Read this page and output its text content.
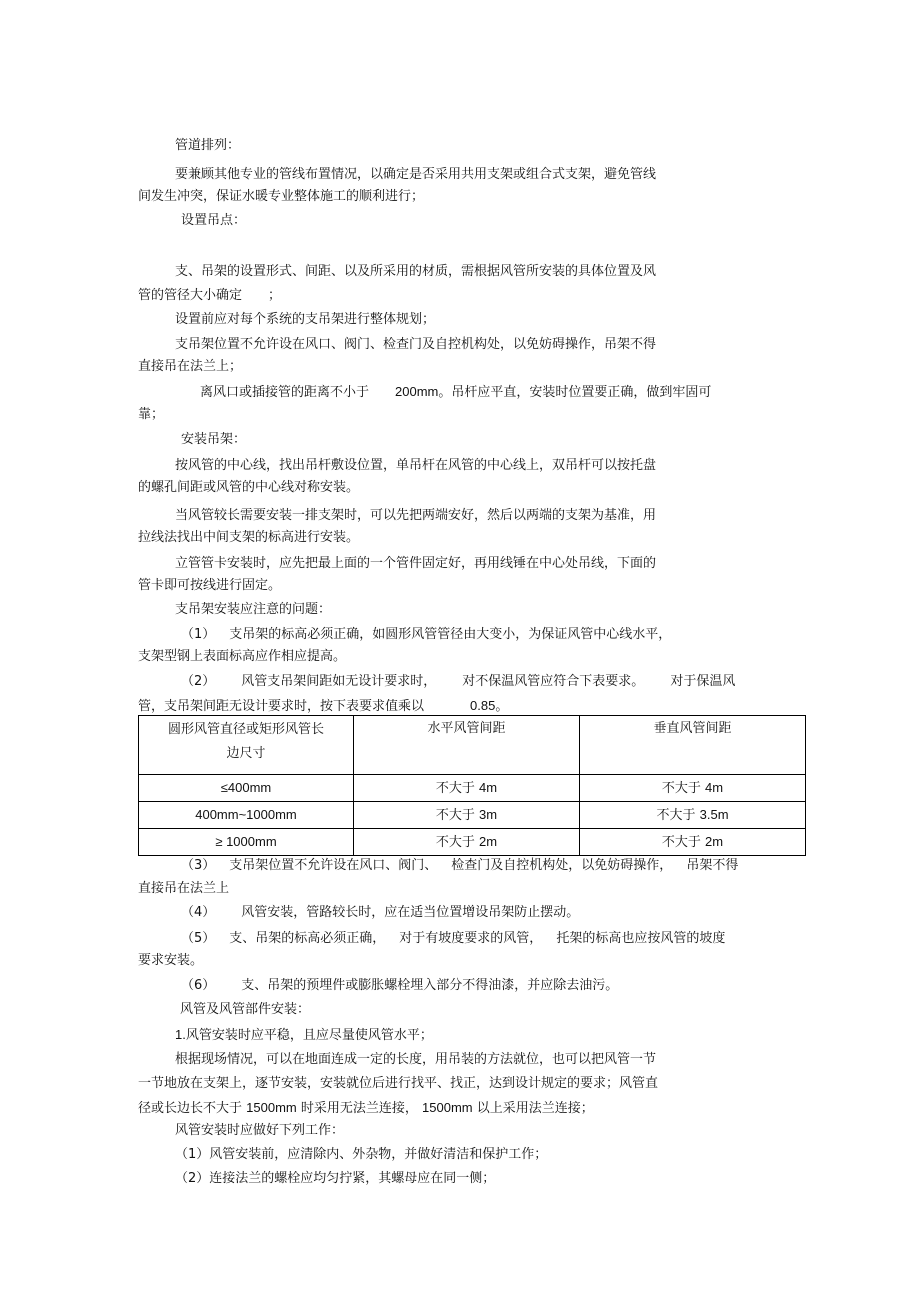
管道排列：
要兼顾其他专业的管线布置情况，以确定是否采用共用支架或组合式支架，避免管线
间发生冲突，保证水暖专业整体施工的顺利进行；
设置吊点：
支、吊架的设置形式、间距、以及所采用的材质，需根据风管所安装的具体位置及风
管的管径大小确定 ；
设置前应对每个系统的支吊架进行整体规划；
支吊架位置不允许设在风口、阀门、检查门及自控机构处，以免妨碍操作，吊架不得
直接吊在法兰上；
离风口或插接管的距离不小于 200mm。吊杆应平直，安装时位置要正确，做到牢固可
靠；
安装吊架：
按风管的中心线，找出吊杆敷设位置，单吊杆在风管的中心线上，双吊杆可以按托盘
的螺孔间距或风管的中心线对称安装。
当风管较长需要安装一排支架时，可以先把两端安好，然后以两端的支架为基准，用
拉线法找出中间支架的标高进行安装。
立管管卡安装时，应先把最上面的一个管件固定好，再用线锤在中心处吊线，下面的
管卡即可按线进行固定。
支吊架安装应注意的问题：
（1） 支吊架的标高必须正确，如圆形风管管径由大变小，为保证风管中心线水平，
支架型钢上表面标高应作相应提高。
（2） 风管支吊架间距如无设计要求时， 对不保温风管应符合下表要求。 对于保温风
管，支吊架间距无设计要求时，按下表要求值乘以	0.85。
圆形风管直径或矩形风管长
边尺寸	水平风管间距	垂直风管间距
≤400mm	不大于 4m	不大于 4m
400mm~1000mm	不大于 3m	不大于 3.5m
≥ 1000mm	不大于 2m	不大于 2m
（3） 支吊架位置不允许设在风口、阀门、 检查门及自控机构处，以免妨碍操作， 吊架不得
直接吊在法兰上
（4） 风管安装，管路较长时，应在适当位置增设吊架防止摆动。
（5） 支、吊架的标高必须正确， 对于有坡度要求的风管， 托架的标高也应按风管的坡度
要求安装。
（6） 支、吊架的预埋件或膨胀螺栓埋入部分不得油漆，并应除去油污。
风管及风管部件安装：
1.风管安装时应平稳，且应尽量使风管水平；
根据现场情况，可以在地面连成一定的长度，用吊装的方法就位，也可以把风管一节
一节地放在支架上，逐节安装，安装就位后进行找平、找正，达到设计规定的要求；风管直
径或长边长不大于 1500mm 时采用无法兰连接， 1500mm 以上采用法兰连接；
风管安装时应做好下列工作：
（1）风管安装前，应清除内、外杂物，并做好清洁和保护工作；
（2）连接法兰的螺栓应均匀拧紧，其螺母应在同一侧；
